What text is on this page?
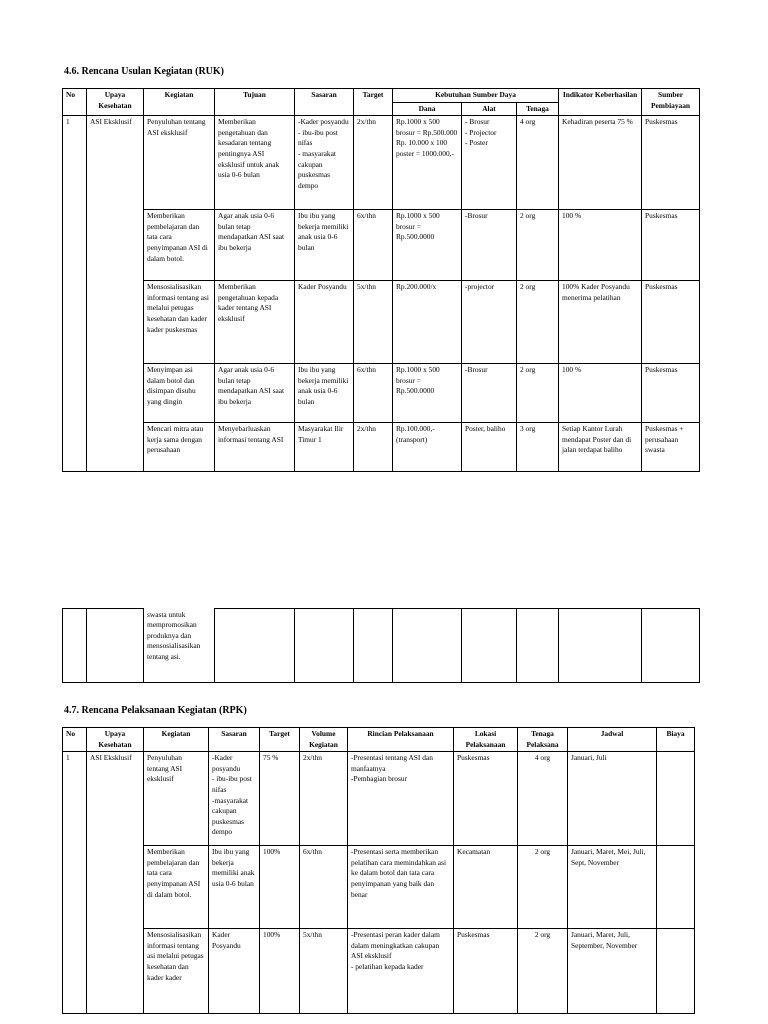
4.6. Rencana Usulan Kegiatan (RUK)
No	Upaya Kesehatan	Kegiatan	Tujuan	Sasaran	Target	Kebutuhan Sumber Daya			Indikator Keberhasilan	Sumber Pembiayaan
						Dana	Alat	Tenaga		
1	ASI Eksklusif	Penyuluhan tentang ASI eksklusif	Memberikan pengetahuan dan kesadaran tentang pentingnya ASI eksklusif untuk anak usia 0-6 bulan	-Kader posyandu
- ibu-ibu post nifas
- masyarakat cakupan puskesmas dempo	2x/thn	Rp.1000 x 500 brosur = Rp.500.000
Rp. 10.000 x 100 poster = 1000.000,-	- Brosur
- Projector
- Poster	4 org	Kehadiran peserta 75 %	Puskesmas
		Memberikan pembelajaran dan tata cara penyimpanan ASI di dalam botol.	Agar anak usia 0-6 bulan tetap mendapatkan ASI saat ibu bekerja	Ibu ibu yang bekerja memiliki anak usia 0-6 bulan	6x/thn	Rp.1000 x 500 brosur = Rp.500.0000	-Brosur	2 org	100 %	Puskesmas
		Mensosialisasikan informasi tentang asi melalui petugas kesehatan dan kader kader puskesmas	Memberikan pengetahuan kepada kader tentang ASI eksklusif	Kader Posyandu	5x/thn	Rp.200.000/x	-projector	2 org	100% Kader Posyandu menerima pelatihan	Puskesmas
		Menyimpan asi dalam botol dan disimpan disuhu yang dingin	Agar anak usia 0-6 bulan tetap mendapatkan ASI saat ibu bekerja	Ibu ibu yang bekerja memiliki anak usia 0-6 bulan	6x/thn	Rp.1000 x 500 brosur = Rp.500.0000	-Brosur	2 org	100 %	Puskesmas
		Mencari mitra atau kerja sama dengan perusahaan	Menyebarluaskan informasi tentang ASI	Masyarakat Ilir Timur 1	2x/thn	Rp.100.000,- (transport)	Poster, baliho	3 org	Setiap Kantor Lurah mendapat Poster dan di jalan terdapat baliho	Puskesmas + perusahaan swasta
		swasta untuk mempromosikan produknya dan mensosialisasikan tentang asi.								
4.7. Rencana Pelaksanaan Kegiatan (RPK)
No	Upaya Kesehatan	Kegiatan	Sasaran	Target	Volume Kegiatan	Rincian Pelaksanaan	Lokasi Pelaksanaan	Tenaga Pelaksana	Jadwal	Biaya
1	ASI Eksklusif	Penyuluhan tentang ASI eksklusif	-Kader posyandu
- ibu-ibu post nifas
-masyarakat cakupan puskesmas dempo	75 %	2x/thn	-Presentasi tentang ASI dan manfaatnya
-Pembagian brosur	Puskesmas	4 org	Januari, Juli	
		Memberikan pembelajaran dan tata cara penyimpanan ASI di dalam botol.	Ibu ibu yang bekerja memiliki anak usia 0-6 bulan	100%	6x/thn	-Presentasi serta memberikan pelatihan cara memindahkan asi ke dalam botol dan tata cara penyimpanan yang baik dan benar	Kecamatan	2 org	Januari, Maret, Mei, Juli, Sept, November	
		Mensosialisasikan informasi tentang asi melalui petugas kesehatan dan kader kader	Kader Posyandu	100%	5x/thn	-Presentasi peran kader dalam dalam meningkatkan cakupan ASI eksklusif
- pelatihan kepada kader	Puskesmas	2 org	Januari, Maret, Juli, September, November	
